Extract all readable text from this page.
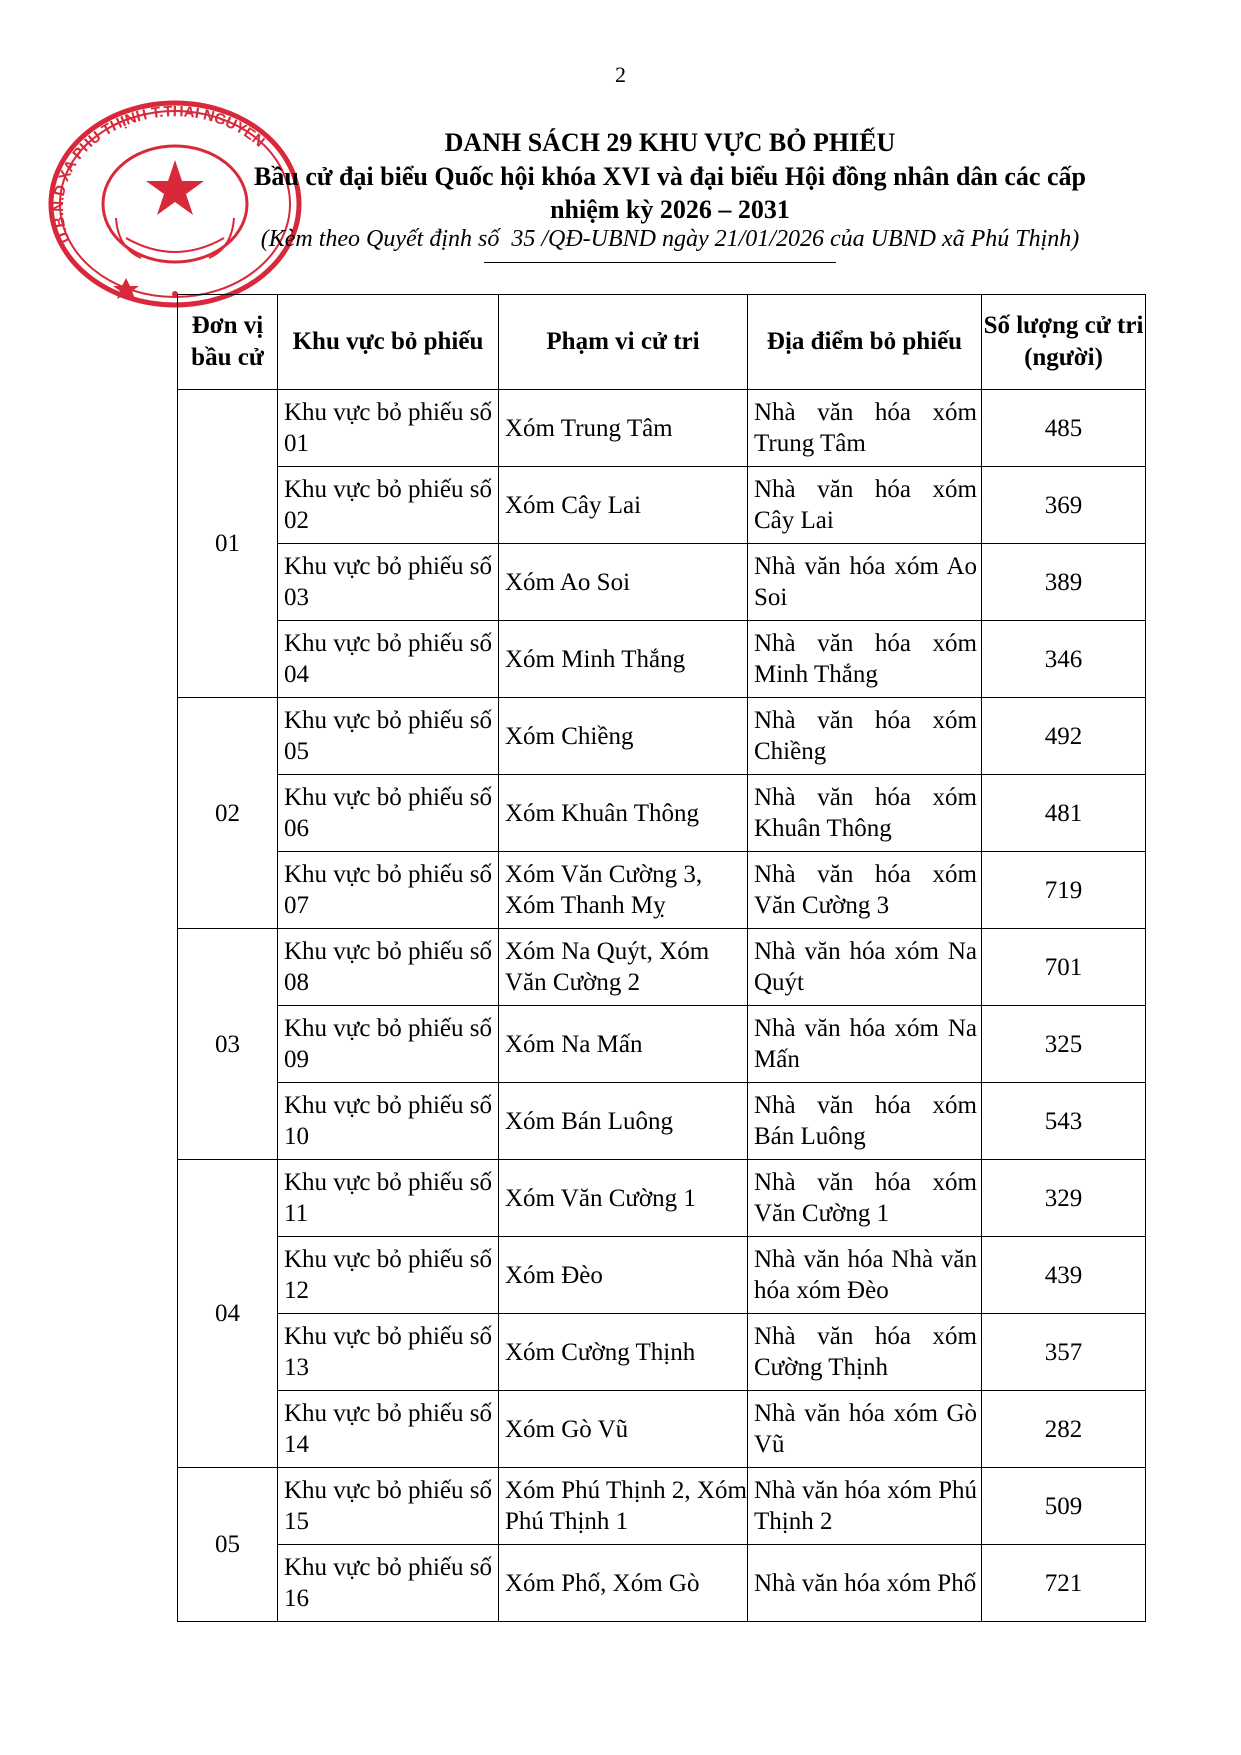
2
U.B.N.D XÃ PHÚ THỊNH T.THÁI NGUYÊN	DANH SÁCH 29 KHU VỰC BỎ PHIẾU
Bầu cử đại biểu Quốc hội khóa XVI và đại biểu Hội đồng nhân dân các cấp
nhiệm kỳ 2026 – 2031
(Kèm theo Quyết định số 35 /QĐ-UBND ngày 21/01/2026 của UBND xã Phú Thịnh)
Đơn vị bầu cử	Khu vực bỏ phiếu	Phạm vi cử tri	Địa điểm bỏ phiếu	Số lượng cử tri (người)
01	Khu vực bỏ phiếu số 01	Xóm Trung Tâm	Nhà văn hóa xóm Trung Tâm	485
	Khu vực bỏ phiếu số 02	Xóm Cây Lai	Nhà văn hóa xóm Cây Lai	369
	Khu vực bỏ phiếu số 03	Xóm Ao Soi	Nhà văn hóa xóm Ao Soi	389
	Khu vực bỏ phiếu số 04	Xóm Minh Thắng	Nhà văn hóa xóm Minh Thắng	346
02	Khu vực bỏ phiếu số 05	Xóm Chiềng	Nhà văn hóa xóm Chiềng	492
	Khu vực bỏ phiếu số 06	Xóm Khuân Thông	Nhà văn hóa xóm Khuân Thông	481
	Khu vực bỏ phiếu số 07	Xóm Văn Cường 3, Xóm Thanh Mỵ	Nhà văn hóa xóm Văn Cường 3	719
03	Khu vực bỏ phiếu số 08	Xóm Na Quýt, Xóm Văn Cường 2	Nhà văn hóa xóm Na Quýt	701
	Khu vực bỏ phiếu số 09	Xóm Na Mấn	Nhà văn hóa xóm Na Mấn	325
	Khu vực bỏ phiếu số 10	Xóm Bán Luông	Nhà văn hóa xóm Bán Luông	543
04	Khu vực bỏ phiếu số 11	Xóm Văn Cường 1	Nhà văn hóa xóm Văn Cường 1	329
	Khu vực bỏ phiếu số 12	Xóm Đèo	Nhà văn hóa Nhà văn hóa xóm Đèo	439
	Khu vực bỏ phiếu số 13	Xóm Cường Thịnh	Nhà văn hóa xóm Cường Thịnh	357
	Khu vực bỏ phiếu số 14	Xóm Gò Vũ	Nhà văn hóa xóm Gò Vũ	282
05	Khu vực bỏ phiếu số 15	Xóm Phú Thịnh 2, Xóm Phú Thịnh 1	Nhà văn hóa xóm Phú Thịnh 2	509
	Khu vực bỏ phiếu số 16	Xóm Phố, Xóm Gò	Nhà văn hóa xóm Phố	721
